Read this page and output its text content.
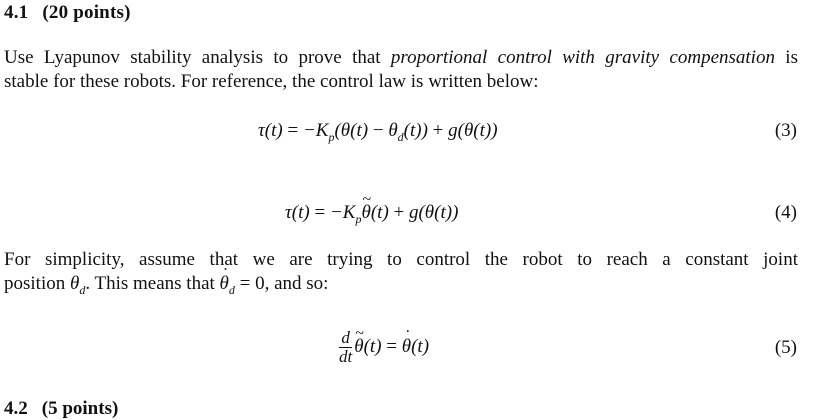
4.1 (20 points)
Use Lyapunov stability analysis to prove that proportional control with gravity compensation is
stable for these robots. For reference, the control law is written below:
$\tau(t) = -K_p(\theta(t) - \theta_d(t)) + g(\theta(t))$	(3)
$\tau(t) = -K_p\sim$ θ(t) + g(θ(t))	(4)
For simplicity, assume that we are trying to control the robot to reach a constant joint
position $\theta_d$. This means that ˙ $\theta_d = 0$, and so:
$\frac{d}{dt}$ ~ θ(t) = ˙ θ(t)	(5)
4.2 (5 points)
